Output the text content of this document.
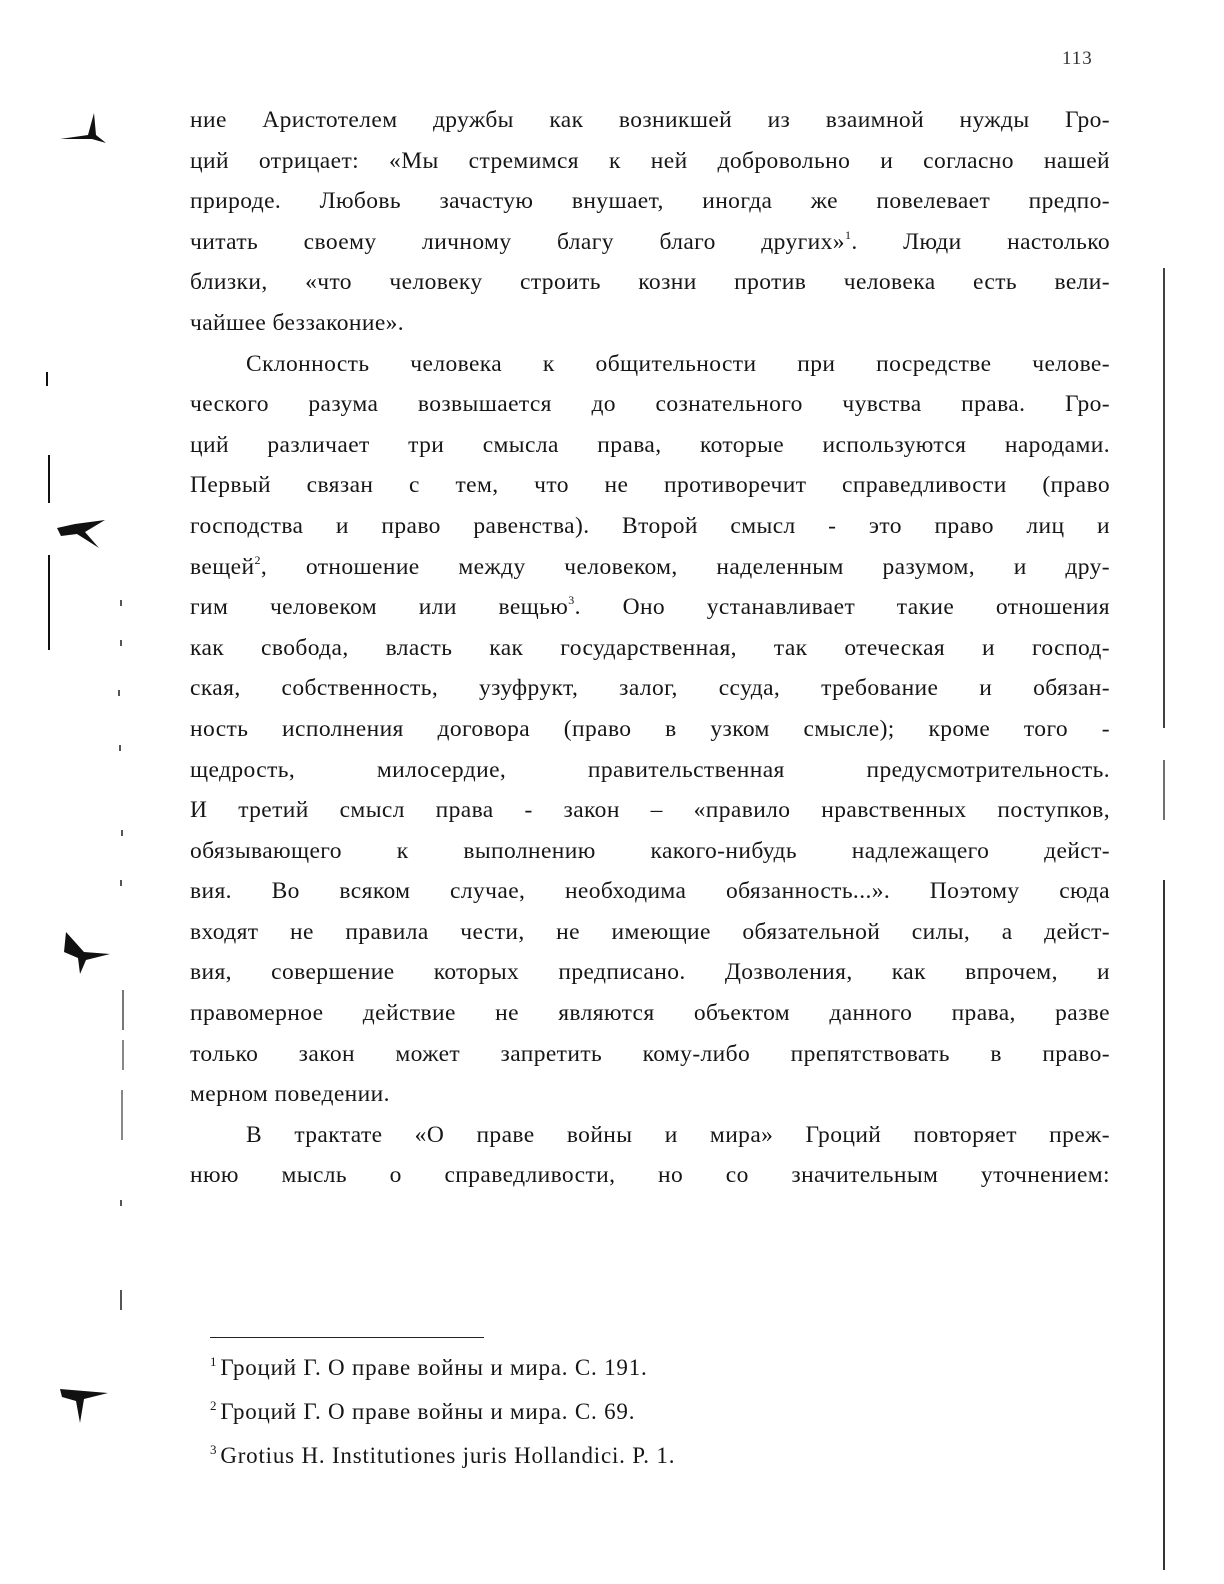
113
ние Аристотелем дружбы как возникшей из взаимной нужды Гро-
ций отрицает: «Мы стремимся к ней добровольно и согласно нашей
природе. Любовь зачастую внушает, иногда же повелевает предпо-
читать своему личному благу благо других»$^1$. Люди настолько
близки, «что человеку строить козни против человека есть вели-
чайшее беззаконие».
Склонность человека к общительности при посредстве челове-
ческого разума возвышается до сознательного чувства права. Гро-
ций различает три смысла права, которые используются народами.
Первый связан с тем, что не противоречит справедливости (право
господства и право равенства). Второй смысл - это право лиц и
вещей$^2$, отношение между человеком, наделенным разумом, и дру-
гим человеком или вещью$^3$. Оно устанавливает такие отношения
как свобода, власть как государственная, так отеческая и господ-
ская, собственность, узуфрукт, залог, ссуда, требование и обязан-
ность исполнения договора (право в узком смысле); кроме того -
щедрость, милосердие, правительственная предусмотрительность.
И третий смысл права - закон – «правило нравственных поступков,
обязывающего к выполнению какого-нибудь надлежащего дейст-
вия. Во всяком случае, необходима обязанность...». Поэтому сюда
входят не правила чести, не имеющие обязательной силы, а дейст-
вия, совершение которых предписано. Дозволения, как впрочем, и
правомерное действие не являются объектом данного права, разве
только закон может запретить кому-либо препятствовать в право-
мерном поведении.
В трактате «О праве войны и мира» Гроций повторяет преж-
нюю мысль о справедливости, но со значительным уточнением:
$^1$ Гроций Г. О праве войны и мира. С. 191.
$^2$ Гроций Г. О праве войны и мира. С. 69.
$^3$ Grotius H. Institutiones juris Hollandici. P. 1.
